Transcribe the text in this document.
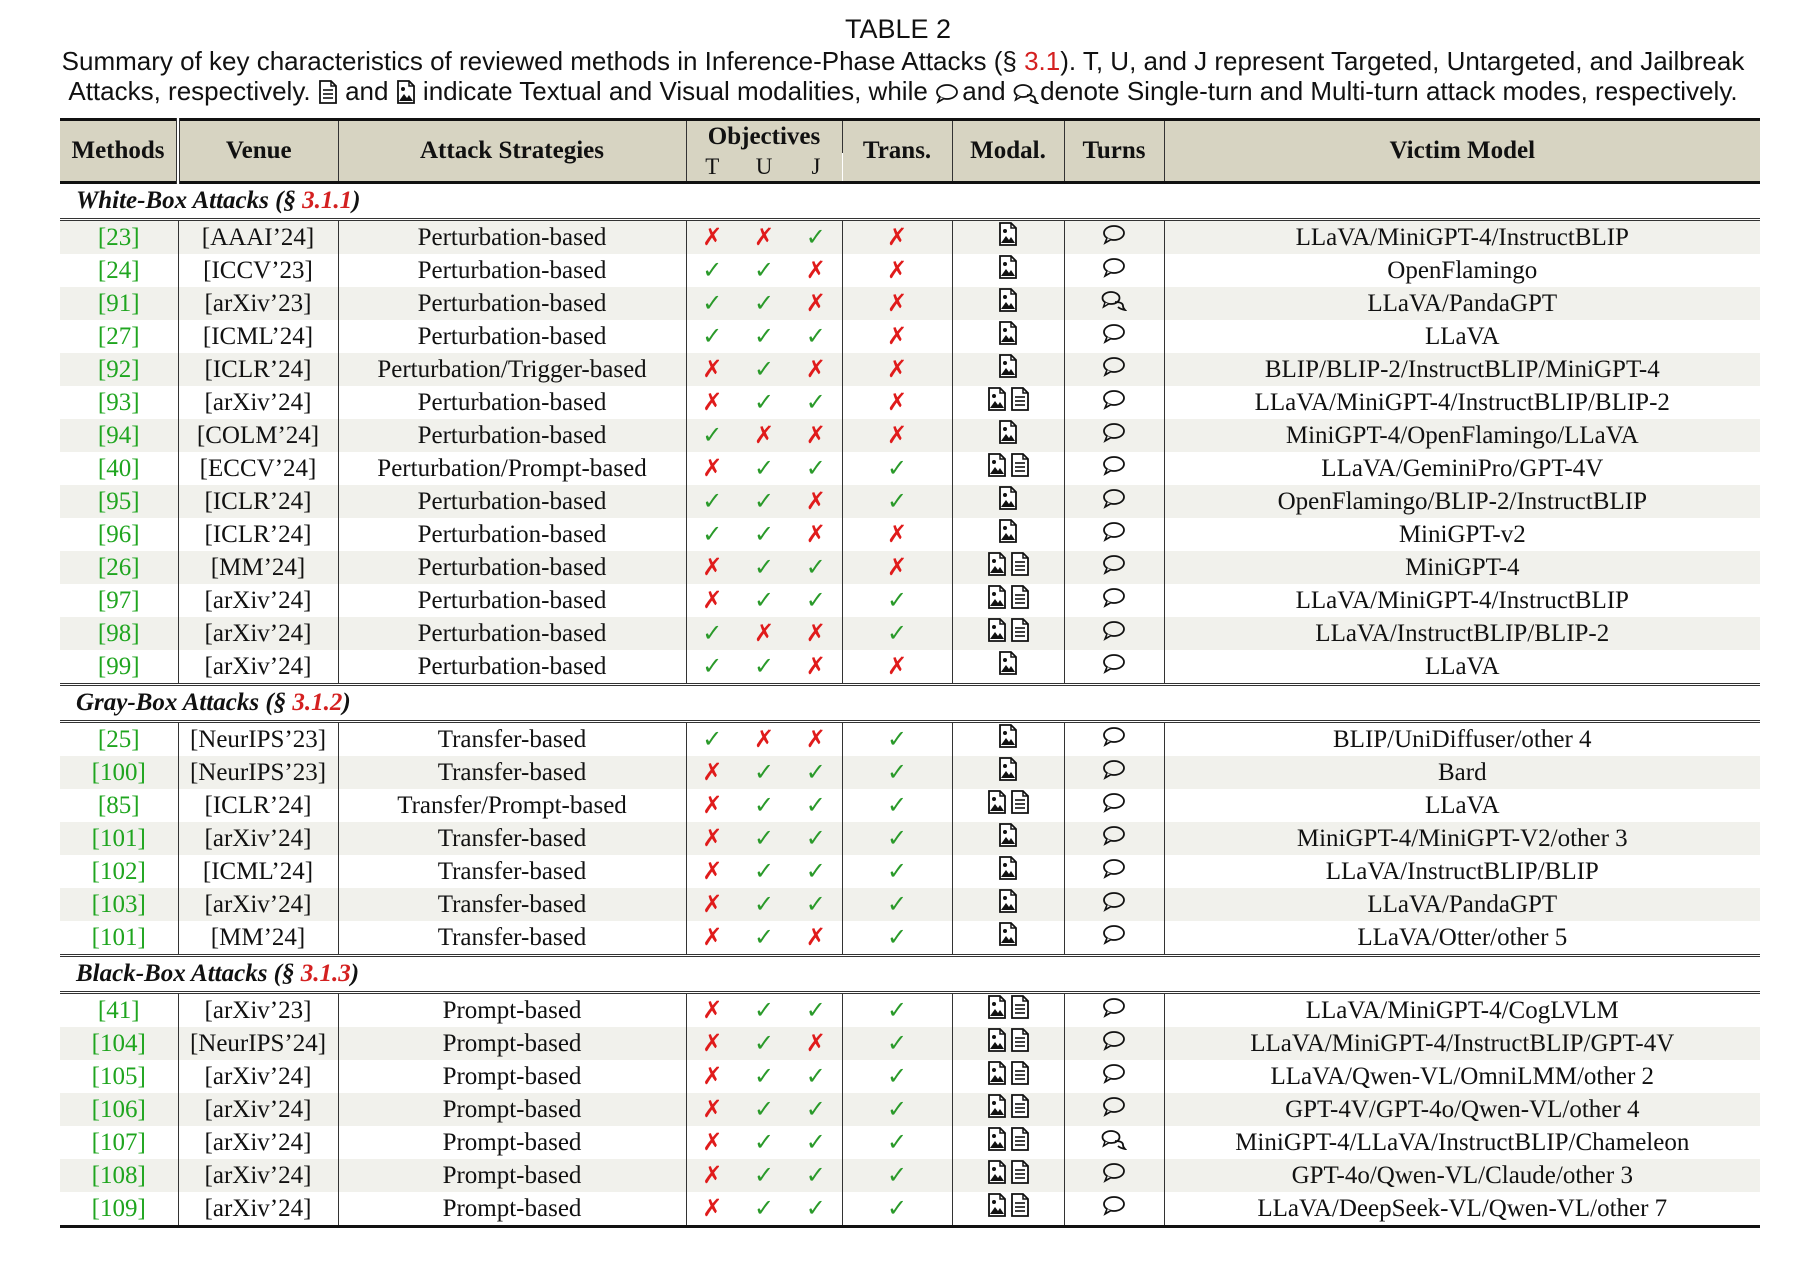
TABLE 2
Summary of key characteristics of reviewed methods in Inference-Phase Attacks (§ 3.1). T, U, and J represent Targeted, Untargeted, and Jailbreak
Attacks, respectively.  and  indicate Textual and Visual modalities, while  and  denote Single-turn and Multi-turn attack modes, respectively.
Methods	Venue	Attack Strategies	Objectives			Trans.	Modal.	Turns	Victim Model
			T	U	J				
White-Box Attacks (§ 3.1.1)									
[23]	[AAAI’24]	Perturbation-based	✗	✗	✓	✗			LLaVA/MiniGPT-4/InstructBLIP
[24]	[ICCV’23]	Perturbation-based	✓	✓	✗	✗			OpenFlamingo
[91]	[arXiv’23]	Perturbation-based	✓	✓	✗	✗			LLaVA/PandaGPT
[27]	[ICML’24]	Perturbation-based	✓	✓	✓	✗			LLaVA
[92]	[ICLR’24]	Perturbation/Trigger-based	✗	✓	✗	✗			BLIP/BLIP-2/InstructBLIP/MiniGPT-4
[93]	[arXiv’24]	Perturbation-based	✗	✓	✓	✗			LLaVA/MiniGPT-4/InstructBLIP/BLIP-2
[94]	[COLM’24]	Perturbation-based	✓	✗	✗	✗			MiniGPT-4/OpenFlamingo/LLaVA
[40]	[ECCV’24]	Perturbation/Prompt-based	✗	✓	✓	✓			LLaVA/GeminiPro/GPT-4V
[95]	[ICLR’24]	Perturbation-based	✓	✓	✗	✓			OpenFlamingo/BLIP-2/InstructBLIP
[96]	[ICLR’24]	Perturbation-based	✓	✓	✗	✗			MiniGPT-v2
[26]	[MM’24]	Perturbation-based	✗	✓	✓	✗			MiniGPT-4
[97]	[arXiv’24]	Perturbation-based	✗	✓	✓	✓			LLaVA/MiniGPT-4/InstructBLIP
[98]	[arXiv’24]	Perturbation-based	✓	✗	✗	✓			LLaVA/InstructBLIP/BLIP-2
[99]	[arXiv’24]	Perturbation-based	✓	✓	✗	✗			LLaVA
Gray-Box Attacks (§ 3.1.2)									
[25]	[NeurIPS’23]	Transfer-based	✓	✗	✗	✓			BLIP/UniDiffuser/other 4
[100]	[NeurIPS’23]	Transfer-based	✗	✓	✓	✓			Bard
[85]	[ICLR’24]	Transfer/Prompt-based	✗	✓	✓	✓			LLaVA
[101]	[arXiv’24]	Transfer-based	✗	✓	✓	✓			MiniGPT-4/MiniGPT-V2/other 3
[102]	[ICML’24]	Transfer-based	✗	✓	✓	✓			LLaVA/InstructBLIP/BLIP
[103]	[arXiv’24]	Transfer-based	✗	✓	✓	✓			LLaVA/PandaGPT
[101]	[MM’24]	Transfer-based	✗	✓	✗	✓			LLaVA/Otter/other 5
Black-Box Attacks (§ 3.1.3)									
[41]	[arXiv’23]	Prompt-based	✗	✓	✓	✓			LLaVA/MiniGPT-4/CogLVLM
[104]	[NeurIPS’24]	Prompt-based	✗	✓	✗	✓			LLaVA/MiniGPT-4/InstructBLIP/GPT-4V
[105]	[arXiv’24]	Prompt-based	✗	✓	✓	✓			LLaVA/Qwen-VL/OmniLMM/other 2
[106]	[arXiv’24]	Prompt-based	✗	✓	✓	✓			GPT-4V/GPT-4o/Qwen-VL/other 4
[107]	[arXiv’24]	Prompt-based	✗	✓	✓	✓			MiniGPT-4/LLaVA/InstructBLIP/Chameleon
[108]	[arXiv’24]	Prompt-based	✗	✓	✓	✓			GPT-4o/Qwen-VL/Claude/other 3
[109]	[arXiv’24]	Prompt-based	✗	✓	✓	✓			LLaVA/DeepSeek-VL/Qwen-VL/other 7
